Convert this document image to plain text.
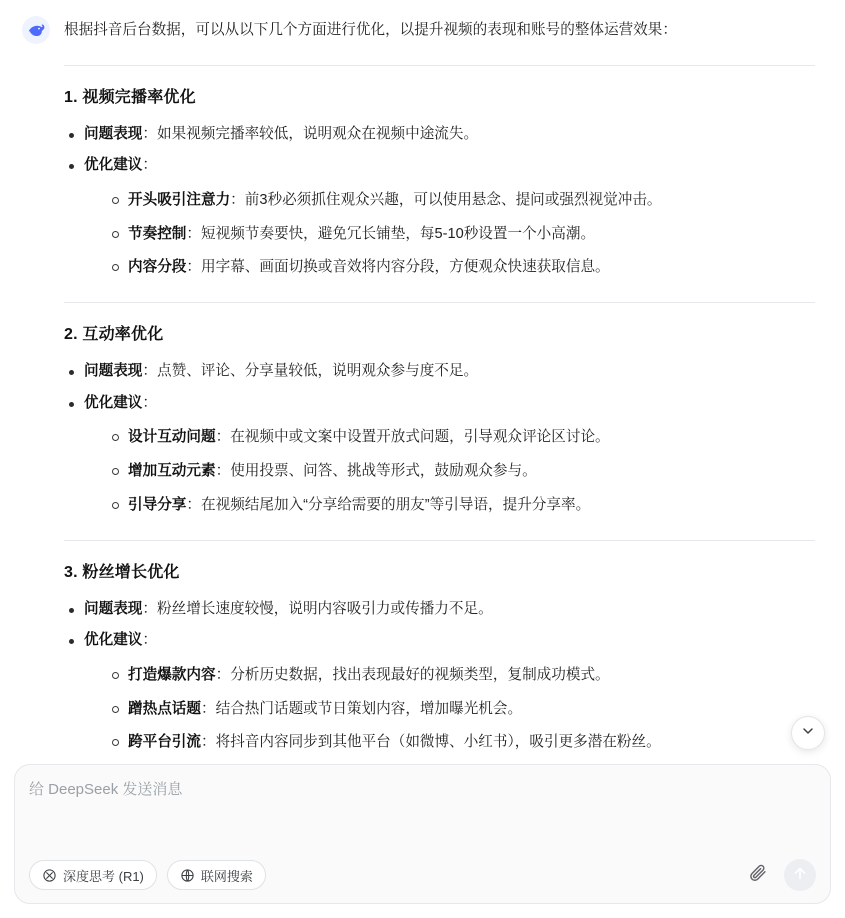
根据抖音后台数据，可以从以下几个方面进行优化，以提升视频的表现和账号的整体运营效果：

1. 视频完播率优化
问题表现：如果视频完播率较低，说明观众在视频中途流失。
优化建议：
开头吸引注意力：前3秒必须抓住观众兴趣，可以使用悬念、提问或强烈视觉冲击。
节奏控制：短视频节奏要快，避免冗长铺垫，每5-10秒设置一个小高潮。
内容分段：用字幕、画面切换或音效将内容分段，方便观众快速获取信息。
2. 互动率优化
问题表现：点赞、评论、分享量较低，说明观众参与度不足。
优化建议：
设计互动问题：在视频中或文案中设置开放式问题，引导观众评论区讨论。
增加互动元素：使用投票、问答、挑战等形式，鼓励观众参与。
引导分享：在视频结尾加入“分享给需要的朋友”等引导语，提升分享率。
3. 粉丝增长优化
问题表现：粉丝增长速度较慢，说明内容吸引力或传播力不足。
优化建议：
打造爆款内容：分析历史数据，找出表现最好的视频类型，复制成功模式。
蹭热点话题：结合热门话题或节日策划内容，增加曝光机会。
跨平台引流：将抖音内容同步到其他平台（如微博、小红书），吸引更多潜在粉丝。
给 DeepSeek 发送消息
深度思考 (R1)	联网搜索
